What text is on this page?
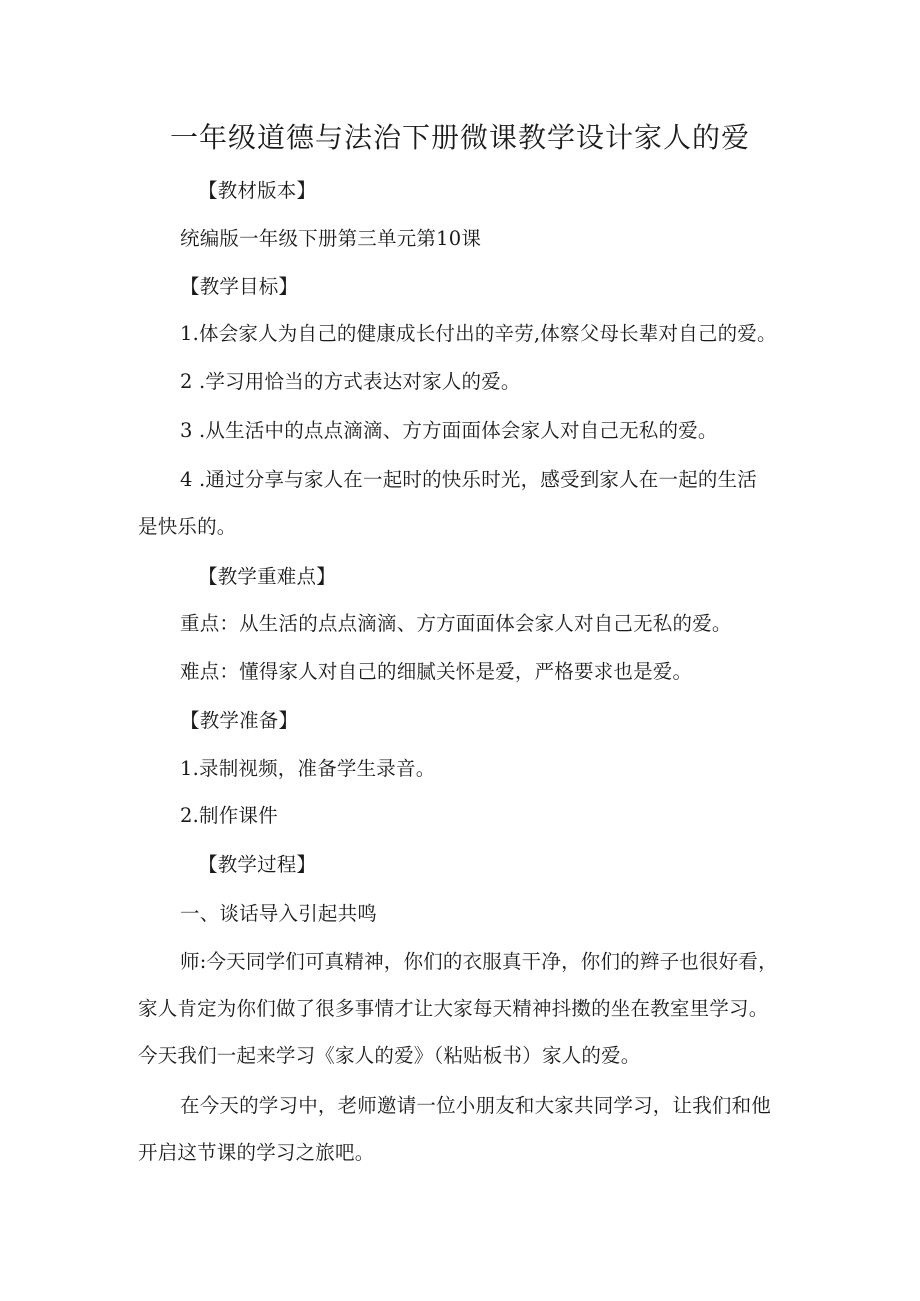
一年级道德与法治下册微课教学设计家人的爱
【教材版本】
统编版一年级下册第三单元第10课
【教学目标】
1.体会家人为自己的健康成长付出的辛劳,体察父母长辈对自己的爱。
2 .学习用恰当的方式表达对家人的爱。
3 .从生活中的点点滴滴、方方面面体会家人对自己无私的爱。
4 .通过分享与家人在一起时的快乐时光，感受到家人在一起的生活
是快乐的。
【教学重难点】
重点：从生活的点点滴滴、方方面面体会家人对自己无私的爱。
难点：懂得家人对自己的细腻关怀是爱，严格要求也是爱。
【教学准备】
1.录制视频，准备学生录音。
2.制作课件
【教学过程】
一、谈话导入引起共鸣
师:今天同学们可真精神，你们的衣服真干净，你们的辫子也很好看，
家人肯定为你们做了很多事情才让大家每天精神抖擞的坐在教室里学习。
今天我们一起来学习《家人的爱》（粘贴板书）家人的爱。
在今天的学习中，老师邀请一位小朋友和大家共同学习，让我们和他
开启这节课的学习之旅吧。
